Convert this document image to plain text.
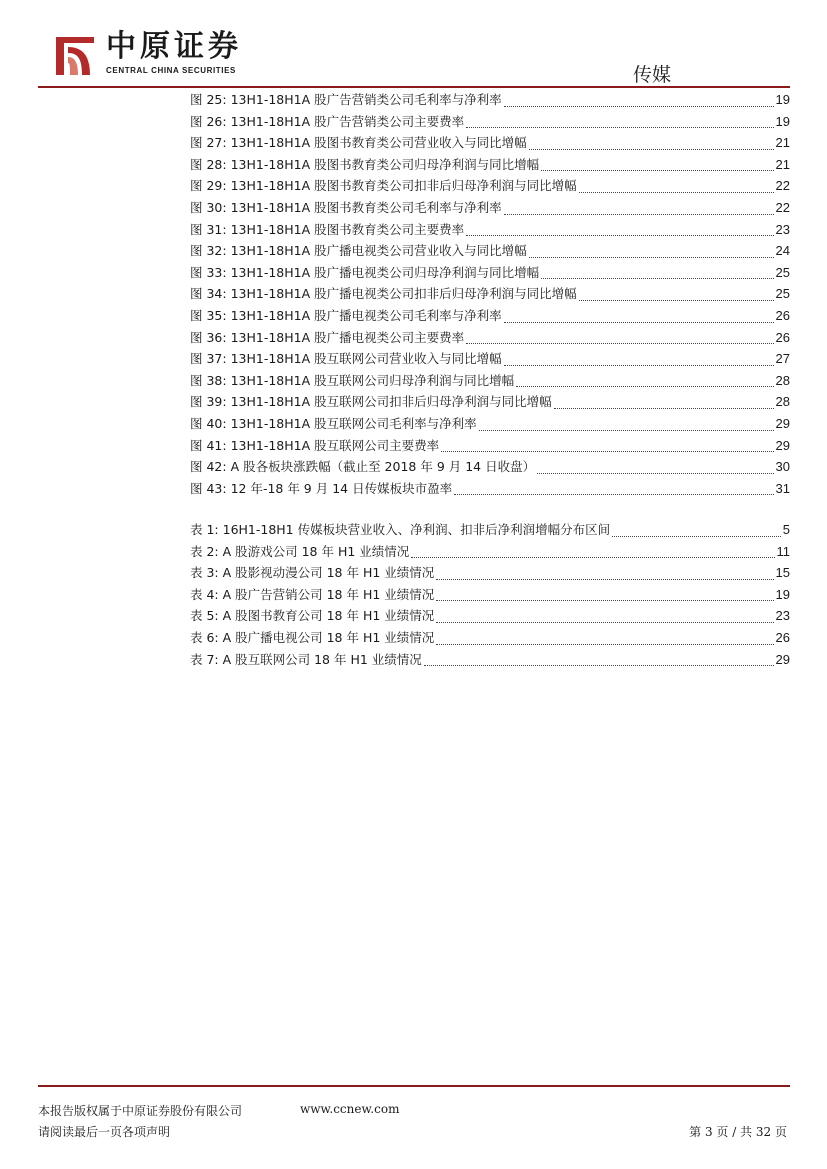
中原证券
CENTRAL CHINA SECURITIES	传媒
图 25: 13H1-18H1A 股广告营销类公司毛利率与净利率	19
图 26: 13H1-18H1A 股广告营销类公司主要费率	19
图 27: 13H1-18H1A 股图书教育类公司营业收入与同比增幅	21
图 28: 13H1-18H1A 股图书教育类公司归母净利润与同比增幅	21
图 29: 13H1-18H1A 股图书教育类公司扣非后归母净利润与同比增幅	22
图 30: 13H1-18H1A 股图书教育类公司毛利率与净利率	22
图 31: 13H1-18H1A 股图书教育类公司主要费率	23
图 32: 13H1-18H1A 股广播电视类公司营业收入与同比增幅	24
图 33: 13H1-18H1A 股广播电视类公司归母净利润与同比增幅	25
图 34: 13H1-18H1A 股广播电视类公司扣非后归母净利润与同比增幅	25
图 35: 13H1-18H1A 股广播电视类公司毛利率与净利率	26
图 36: 13H1-18H1A 股广播电视类公司主要费率	26
图 37: 13H1-18H1A 股互联网公司营业收入与同比增幅	27
图 38: 13H1-18H1A 股互联网公司归母净利润与同比增幅	28
图 39: 13H1-18H1A 股互联网公司扣非后归母净利润与同比增幅	28
图 40: 13H1-18H1A 股互联网公司毛利率与净利率	29
图 41: 13H1-18H1A 股互联网公司主要费率	29
图 42: A 股各板块涨跌幅（截止至 2018 年 9 月 14 日收盘）	30
图 43: 12 年-18 年 9 月 14 日传媒板块市盈率	31
表 1: 16H1-18H1 传媒板块营业收入、净利润、扣非后净利润增幅分布区间	5
表 2: A 股游戏公司 18 年 H1 业绩情况	11
表 3: A 股影视动漫公司 18 年 H1 业绩情况	15
表 4: A 股广告营销公司 18 年 H1 业绩情况	19
表 5: A 股图书教育公司 18 年 H1 业绩情况	23
表 6: A 股广播电视公司 18 年 H1 业绩情况	26
表 7: A 股互联网公司 18 年 H1 业绩情况	29
本报告版权属于中原证券股份有限公司	www.ccnew.com
请阅读最后一页各项声明	第 3 页 / 共 32 页
